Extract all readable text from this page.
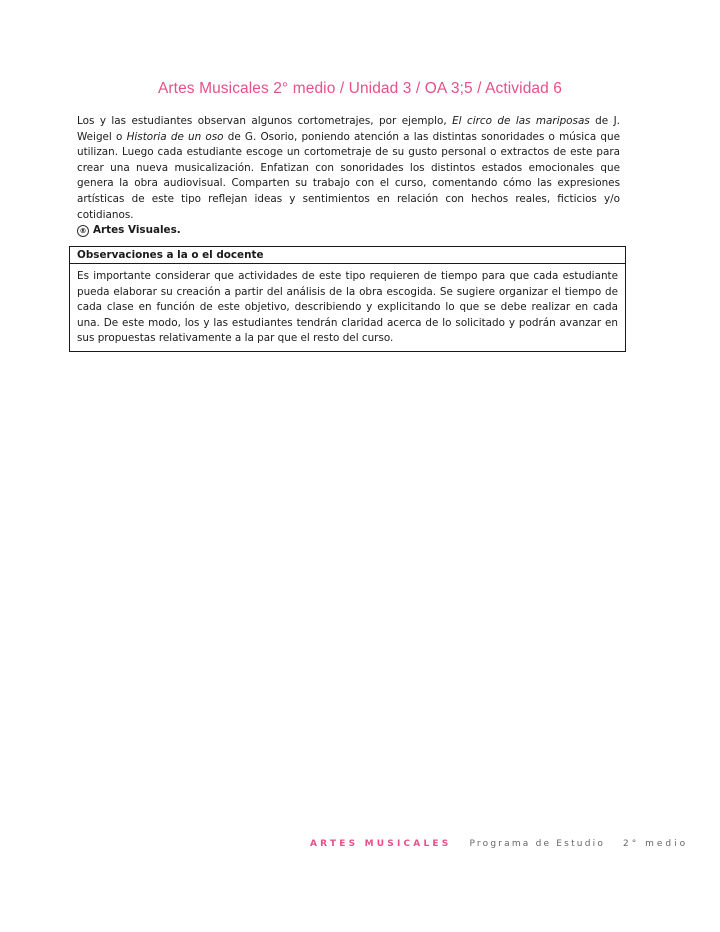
Artes Musicales 2° medio / Unidad 3 / OA 3;5 / Actividad 6
Los y las estudiantes observan algunos cortometrajes, por ejemplo, El circo de las mariposas de J. Weigel o Historia de un oso de G. Osorio, poniendo atención a las distintas sonoridades o música que utilizan. Luego cada estudiante escoge un cortometraje de su gusto personal o extractos de este para crear una nueva musicalización. Enfatizan con sonoridades los distintos estados emocionales que genera la obra audiovisual. Comparten su trabajo con el curso, comentando cómo las expresiones artísticas de este tipo reflejan ideas y sentimientos en relación con hechos reales, ficticios y/o cotidianos.
® Artes Visuales.
Observaciones a la o el docente
Es importante considerar que actividades de este tipo requieren de tiempo para que cada estudiante pueda elaborar su creación a partir del análisis de la obra escogida. Se sugiere organizar el tiempo de cada clase en función de este objetivo, describiendo y explicitando lo que se debe realizar en cada una. De este modo, los y las estudiantes tendrán claridad acerca de lo solicitado y podrán avanzar en sus propuestas relativamente a la par que el resto del curso.
ARTES MUSICALES Programa de Estudio 2° medio
